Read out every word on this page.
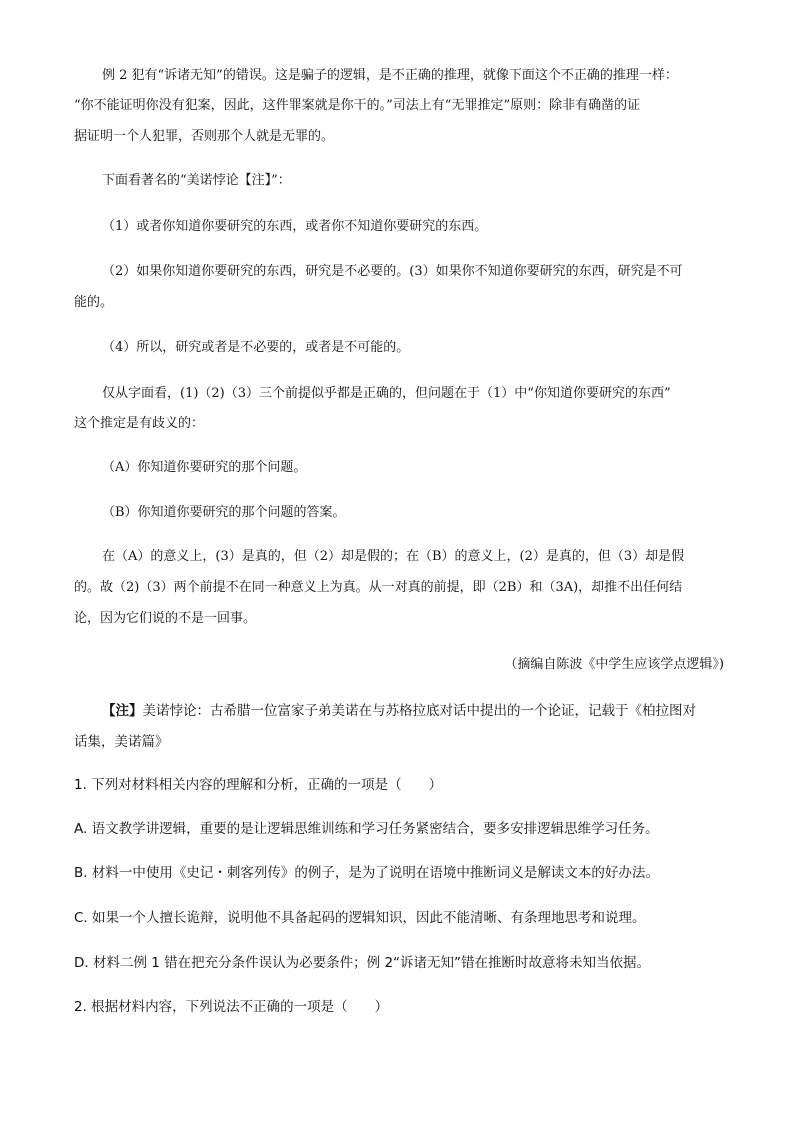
例 2 犯有“诉诸无知”的错误。这是骗子的逻辑，是不正确的推理，就像下面这个不正确的推理一样：

“你不能证明你没有犯案，因此，这件罪案就是你干的。”司法上有“无罪推定”原则：除非有确凿的证

据证明一个人犯罪，否则那个人就是无罪的。

下面看著名的“美诺悖论【注】”：

（1）或者你知道你要研究的东西，或者你不知道你要研究的东西。

（2）如果你知道你要研究的东西，研究是不必要的。(3）如果你不知道你要研究的东西，研究是不可

能的。

（4）所以，研究或者是不必要的，或者是不可能的。

仅从字面看，(1)（2)（3）三个前提似乎都是正确的，但问题在于（1）中“你知道你要研究的东西”

这个推定是有歧义的：

（A）你知道你要研究的那个问题。

（B）你知道你要研究的那个问题的答案。

在（A）的意义上，(3）是真的，但（2）却是假的；在（B）的意义上，(2）是真的，但（3）却是假

的。故（2)（3）两个前提不在同一种意义上为真。从一对真的前提，即（2B）和（3A)，却推不出任何结

论，因为它们说的不是一回事。

（摘编自陈波《中学生应该学点逻辑》)

【注】美诺悖论：古希腊一位富家子弟美诺在与苏格拉底对话中提出的一个论证，记载于《柏拉图对

话集，美诺篇》

1. 下列对材料相关内容的理解和分析，正确的一项是（　　）

A. 语文教学讲逻辑，重要的是让逻辑思维训练和学习任务紧密结合，要多安排逻辑思维学习任务。

B. 材料一中使用《史记・刺客列传》的例子，是为了说明在语境中推断词义是解读文本的好办法。

C. 如果一个人擅长诡辩，说明他不具备起码的逻辑知识，因此不能清晰、有条理地思考和说理。

D. 材料二例 1 错在把充分条件误认为必要条件；例 2“诉诸无知”错在推断时故意将未知当依据。

2. 根据材料内容，下列说法不正确的一项是（　　）
